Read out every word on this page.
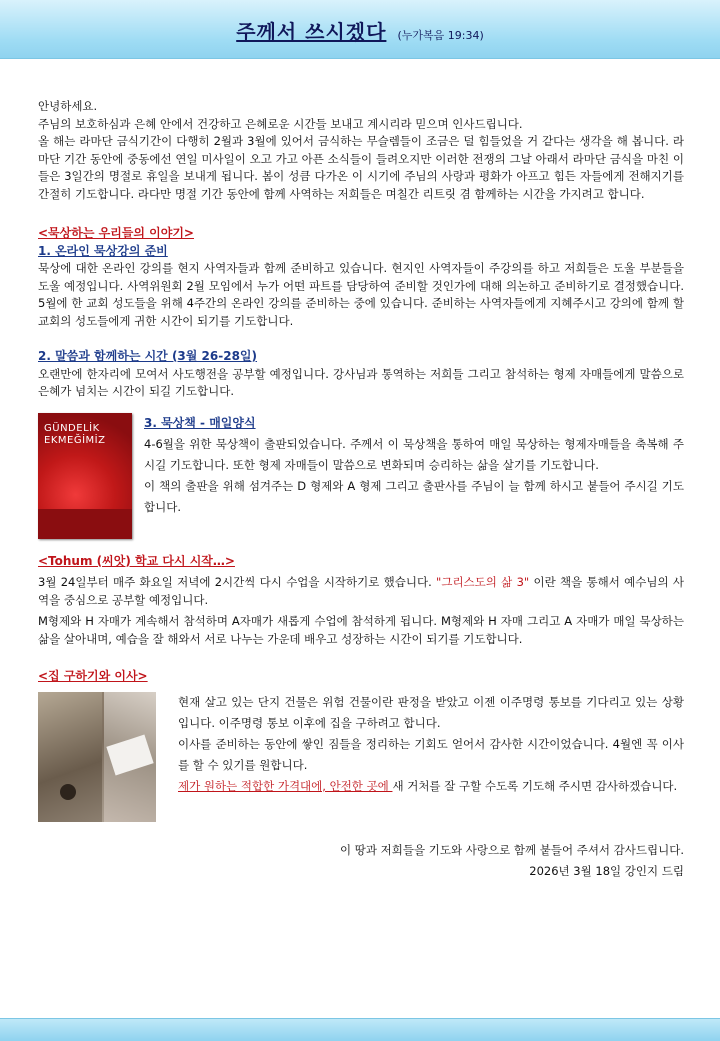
주께서 쓰시겠다 (누가복음 19:34)

안녕하세요.

주님의 보호하심과 은혜 안에서 건강하고 은혜로운 시간들 보내고 계시리라 믿으며 인사드립니다.

올 해는 라마단 금식기간이 다행히 2월과 3월에 있어서 금식하는 무슬렘들이 조금은 덜 힘들었을 거 같다는 생각을 해 봅니다. 라마단 기간 동안에 중동에선 연일 미사일이 오고 가고 아픈 소식들이 들려오지만 이러한 전쟁의 그날 아래서 라마단 금식을 마친 이들은 3일간의 명절로 휴일을 보내게 됩니다. 봄이 성큼 다가온 이 시기에 주님의 사랑과 평화가 아프고 힘든 자들에게 전해지기를 간절히 기도합니다. 라다만 명절 기간 동안에 함께 사역하는 저희들은 며칠간 리트릿 겸 함께하는 시간을 가지려고 합니다.

<묵상하는 우리들의 이야기>

1. 온라인 묵상강의 준비

묵상에 대한 온라인 강의를 현지 사역자들과 함께 준비하고 있습니다. 현지인 사역자들이 주강의를 하고 저희들은 도울 부분들을 도울 예정입니다. 사역위원회 2월 모임에서 누가 어떤 파트를 담당하여 준비할 것인가에 대해 의논하고 준비하기로 결정했습니다. 5월에 한 교회 성도들을 위해 4주간의 온라인 강의를 준비하는 중에 있습니다. 준비하는 사역자들에게 지혜주시고 강의에 함께 할 교회의 성도들에게 귀한 시간이 되기를 기도합니다.

2. 말씀과 함께하는 시간 (3월 26-28일)

오랜만에 한자리에 모여서 사도행전을 공부할 예정입니다. 강사님과 통역하는 저희들 그리고 참석하는 형제 자매들에게 말씀으로 은혜가 넘치는 시간이 되길 기도합니다.

GÜNDELİK
EKMEĞİMİZ

3. 묵상책 - 매일양식

4-6월을 위한 묵상책이 출판되었습니다. 주께서 이 묵상책을 통하여 매일 묵상하는 형제자매들을 축복해 주시길 기도합니다. 또한 형제 자매들이 말씀으로 변화되며 승리하는 삶을 살기를 기도합니다.

이 책의 출판을 위해 섬겨주는 D 형제와 A 형제 그리고 출판사를 주님이 늘 함께 하시고 붙들어 주시길 기도합니다.

<Tohum (씨앗) 학교 다시 시작…>

3월 24일부터 매주 화요일 저녁에 2시간씩 다시 수업을 시작하기로 했습니다. "그리스도의 삶 3" 이란 책을 통해서 예수님의 사역을 중심으로 공부할 예정입니다.

M형제와 H 자매가 계속해서 참석하며 A자매가 새롭게 수업에 참석하게 됩니다. M형제와 H 자매 그리고 A 자매가 매일 묵상하는 삶을 살아내며, 예습을 잘 해와서 서로 나누는 가운데 배우고 성장하는 시간이 되기를 기도합니다.

<집 구하기와 이사>

현재 살고 있는 단지 건물은 위험 건물이란 판정을 받았고 이젠 이주명령 통보를 기다리고 있는 상황입니다. 이주명령 통보 이후에 집을 구하려고 합니다.

이사를 준비하는 동안에 쌓인 짐들을 정리하는 기회도 얻어서 감사한 시간이었습니다. 4월엔 꼭 이사를 할 수 있기를 원합니다.

제가 원하는 적합한 가격대에, 안전한 곳에 새 거처를 잘 구할 수도록 기도해 주시면 감사하겠습니다.

이 땅과 저희들을 기도와 사랑으로 함께 붙들어 주셔서 감사드립니다.

2026년 3월 18일 강인지 드림
